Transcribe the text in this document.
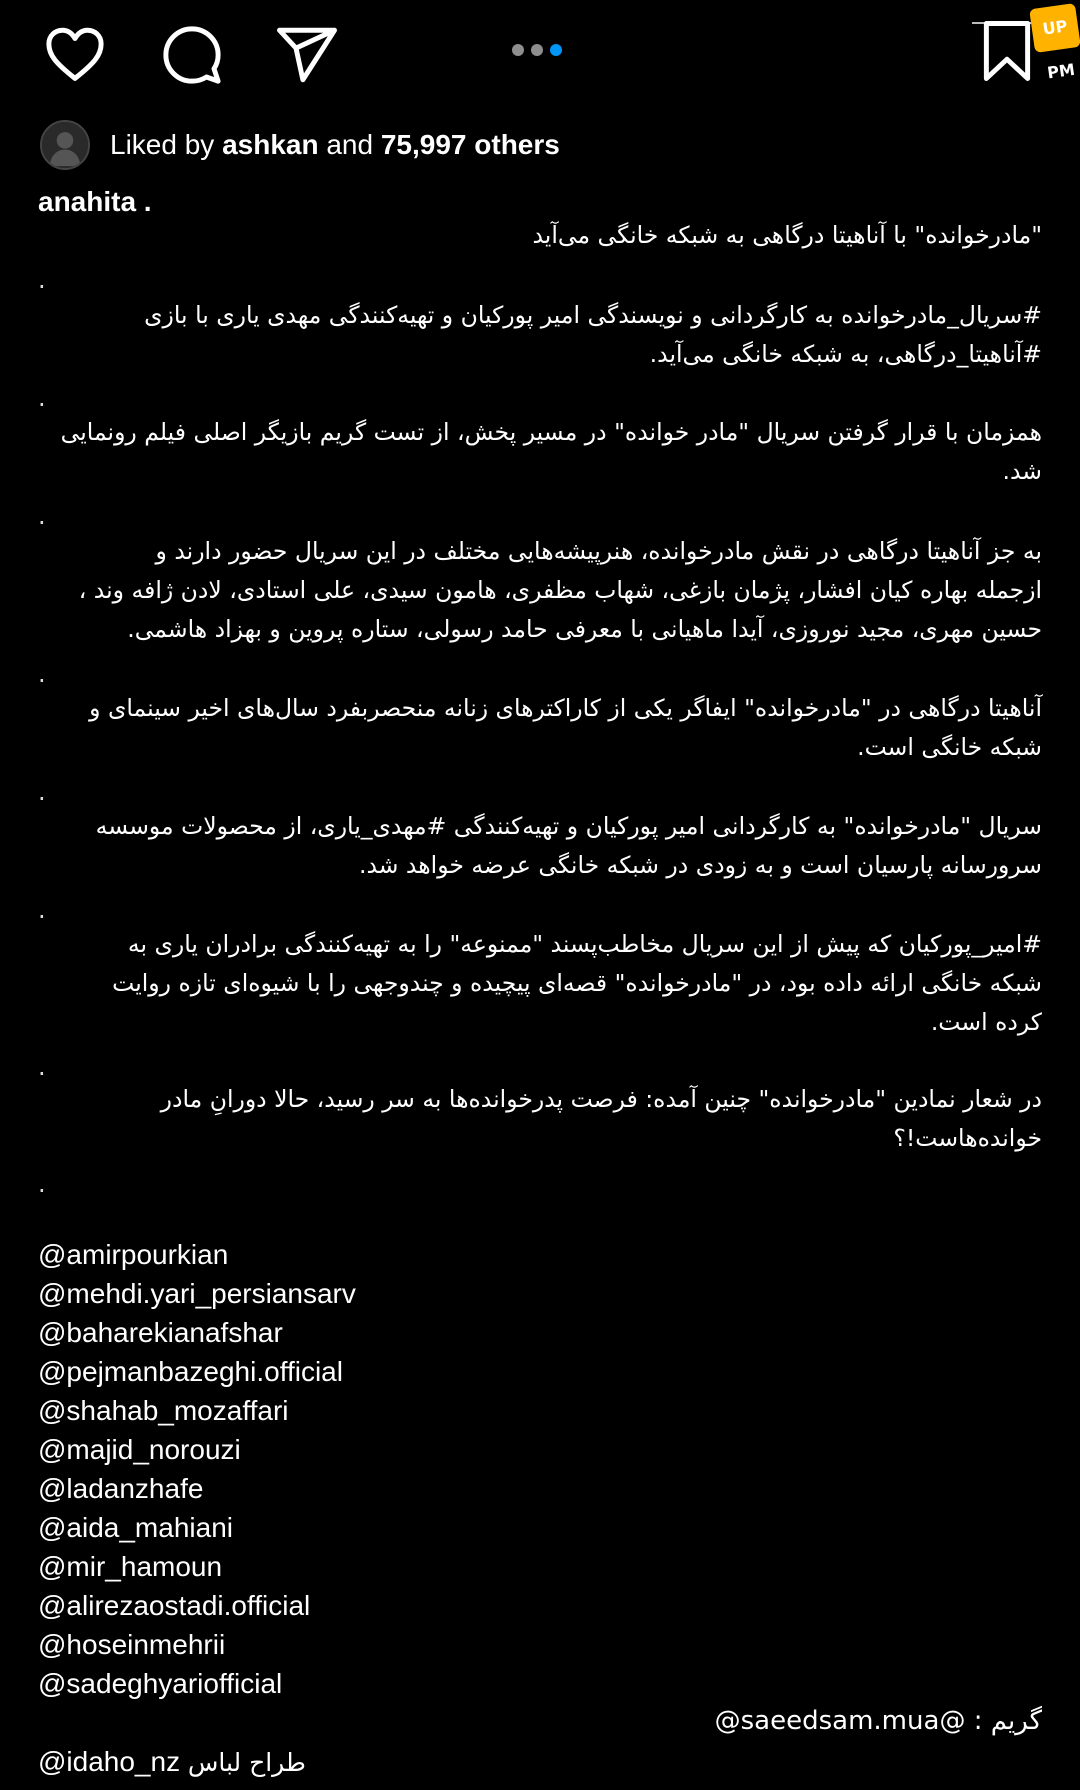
UP PM
Liked by ashkan and 75,997 others
anahita .
"مادرخوانده" با آناهیتا درگاهی به شبکه خانگی می‌آید
.
#سریال_مادرخوانده به کارگردانی و نویسندگی امیر پورکیان و تهیه‌کنندگی مهدی یاری با بازی
#آناهیتا_درگاهی، به شبکه خانگی می‌آید.
.
همزمان با قرار گرفتن سریال "مادر خوانده" در مسیر پخش، از تست گریم بازیگر اصلی فیلم رونمایی
شد.
.
به جز آناهیتا درگاهی در نقش مادرخوانده، هنرپیشه‌هایی مختلف در این سریال حضور دارند و
ازجمله بهاره کیان افشار، پژمان بازغی، شهاب مظفری، هامون سیدی، علی استادی، لادن ژافه وند ،
حسین مهری، مجید نوروزی، آیدا ماهیانی با معرفی حامد رسولی، ستاره پروین و بهزاد هاشمی.
.
آناهیتا درگاهی در "مادرخوانده" ایفاگر یکی از کاراکترهای زنانه منحصربفرد سال‌های اخیر سینمای و
شبکه خانگی است.
.
سریال "مادرخوانده" به کارگردانی امیر پورکیان و تهیه‌کنندگی #مهدی_یاری، از محصولات موسسه
سرورسانه پارسیان است و به زودی در شبکه خانگی عرضه خواهد شد.
.
#امیر_پورکیان که پیش از این سریال مخاطب‌پسند "ممنوعه" را به تهیه‌کنندگی برادران یاری به
شبکه خانگی ارائه داده بود، در "مادرخوانده" قصه‌ای پیچیده و چندوجهی را با شیوه‌ای تازه روایت
کرده است.
.
در شعار نمادین "مادرخوانده" چنین آمده: فرصت پدرخوانده‌ها به سر رسید، حالا دورانِ مادر
خوانده‌هاست!؟
.
@amirpourkian
@mehdi.yari_persiansarv
@baharekianafshar
@pejmanbazeghi.official
@shahab_mozaffari
@majid_norouzi
@ladanzhafe
@aida_mahiani
@mir_hamoun
@alirezaostadi.official
@hoseinmehrii
@sadeghyariofficial
گریم : @saeedsam.mua@
@idaho_nz طراح لباس
